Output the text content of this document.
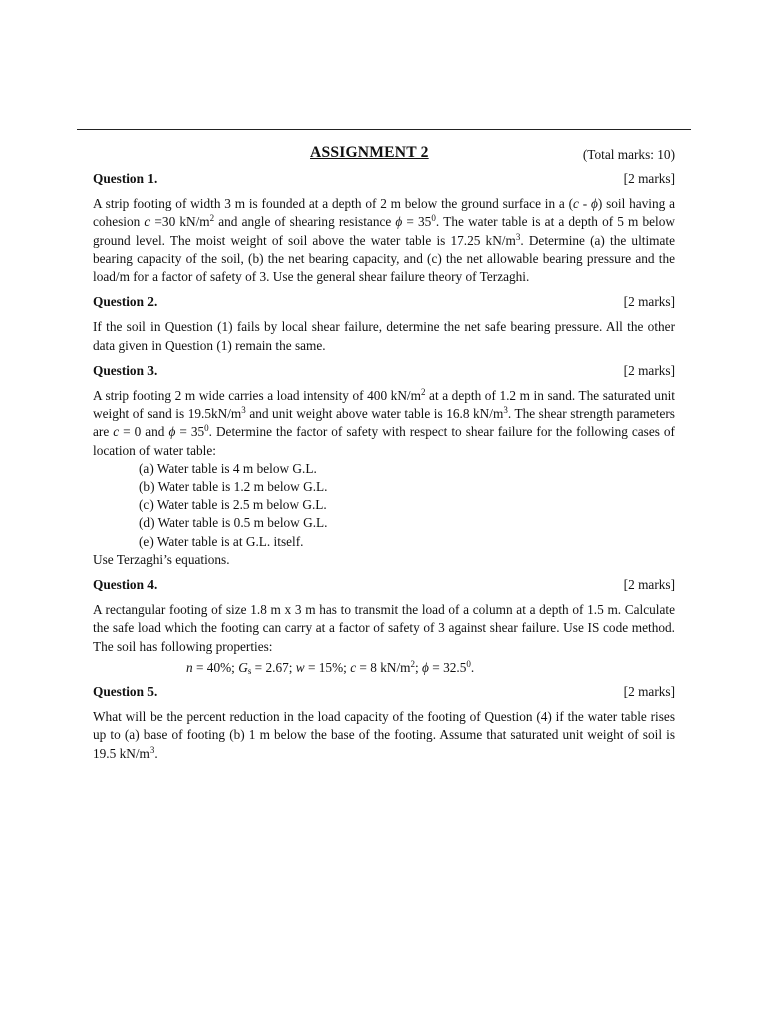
ASSIGNMENT 2	(Total marks: 10)
Question 1.	[2 marks]

A strip footing of width 3 m is founded at a depth of 2 m below the ground surface in a (c - ϕ) soil having a cohesion c =30 $kN/m^2$ and angle of shearing resistance $\phi = 35^0$. The water table is at a depth of 5 m below ground level. The moist weight of soil above the water table is 17.25 $kN/m^3$. Determine (a) the ultimate bearing capacity of the soil, (b) the net bearing capacity, and (c) the net allowable bearing pressure and the load/m for a factor of safety of 3. Use the general shear failure theory of Terzaghi.

Question 2.	[2 marks]

If the soil in Question (1) fails by local shear failure, determine the net safe bearing pressure. All the other data given in Question (1) remain the same.

Question 3.	[2 marks]

A strip footing 2 m wide carries a load intensity of 400 $kN/m^2$ at a depth of 1.2 m in sand. The saturated unit weight of sand is $19.5kN/m^3$ and unit weight above water table is 16.8 $kN/m^3$. The shear strength parameters are c = 0 and $\phi = 35^0$. Determine the factor of safety with respect to shear failure for the following cases of location of water table:

(a) Water table is 4 m below G.L.
(b) Water table is 1.2 m below G.L.
(c) Water table is 2.5 m below G.L.
(d) Water table is 0.5 m below G.L.
(e) Water table is at G.L. itself.

Use Terzaghi’s equations.

Question 4.	[2 marks]

A rectangular footing of size 1.8 m x 3 m has to transmit the load of a column at a depth of 1.5 m. Calculate the safe load which the footing can carry at a factor of safety of 3 against shear failure. Use IS code method. The soil has following properties:

n = 40%; $G_s = 2.67$; w = 15%; c = 8 $kN/m^2$; $\phi = 32.5^0$.

Question 5.	[2 marks]

What will be the percent reduction in the load capacity of the footing of Question (4) if the water table rises up to (a) base of footing (b) 1 m below the base of the footing. Assume that saturated unit weight of soil is 19.5 $kN/m^3$.
